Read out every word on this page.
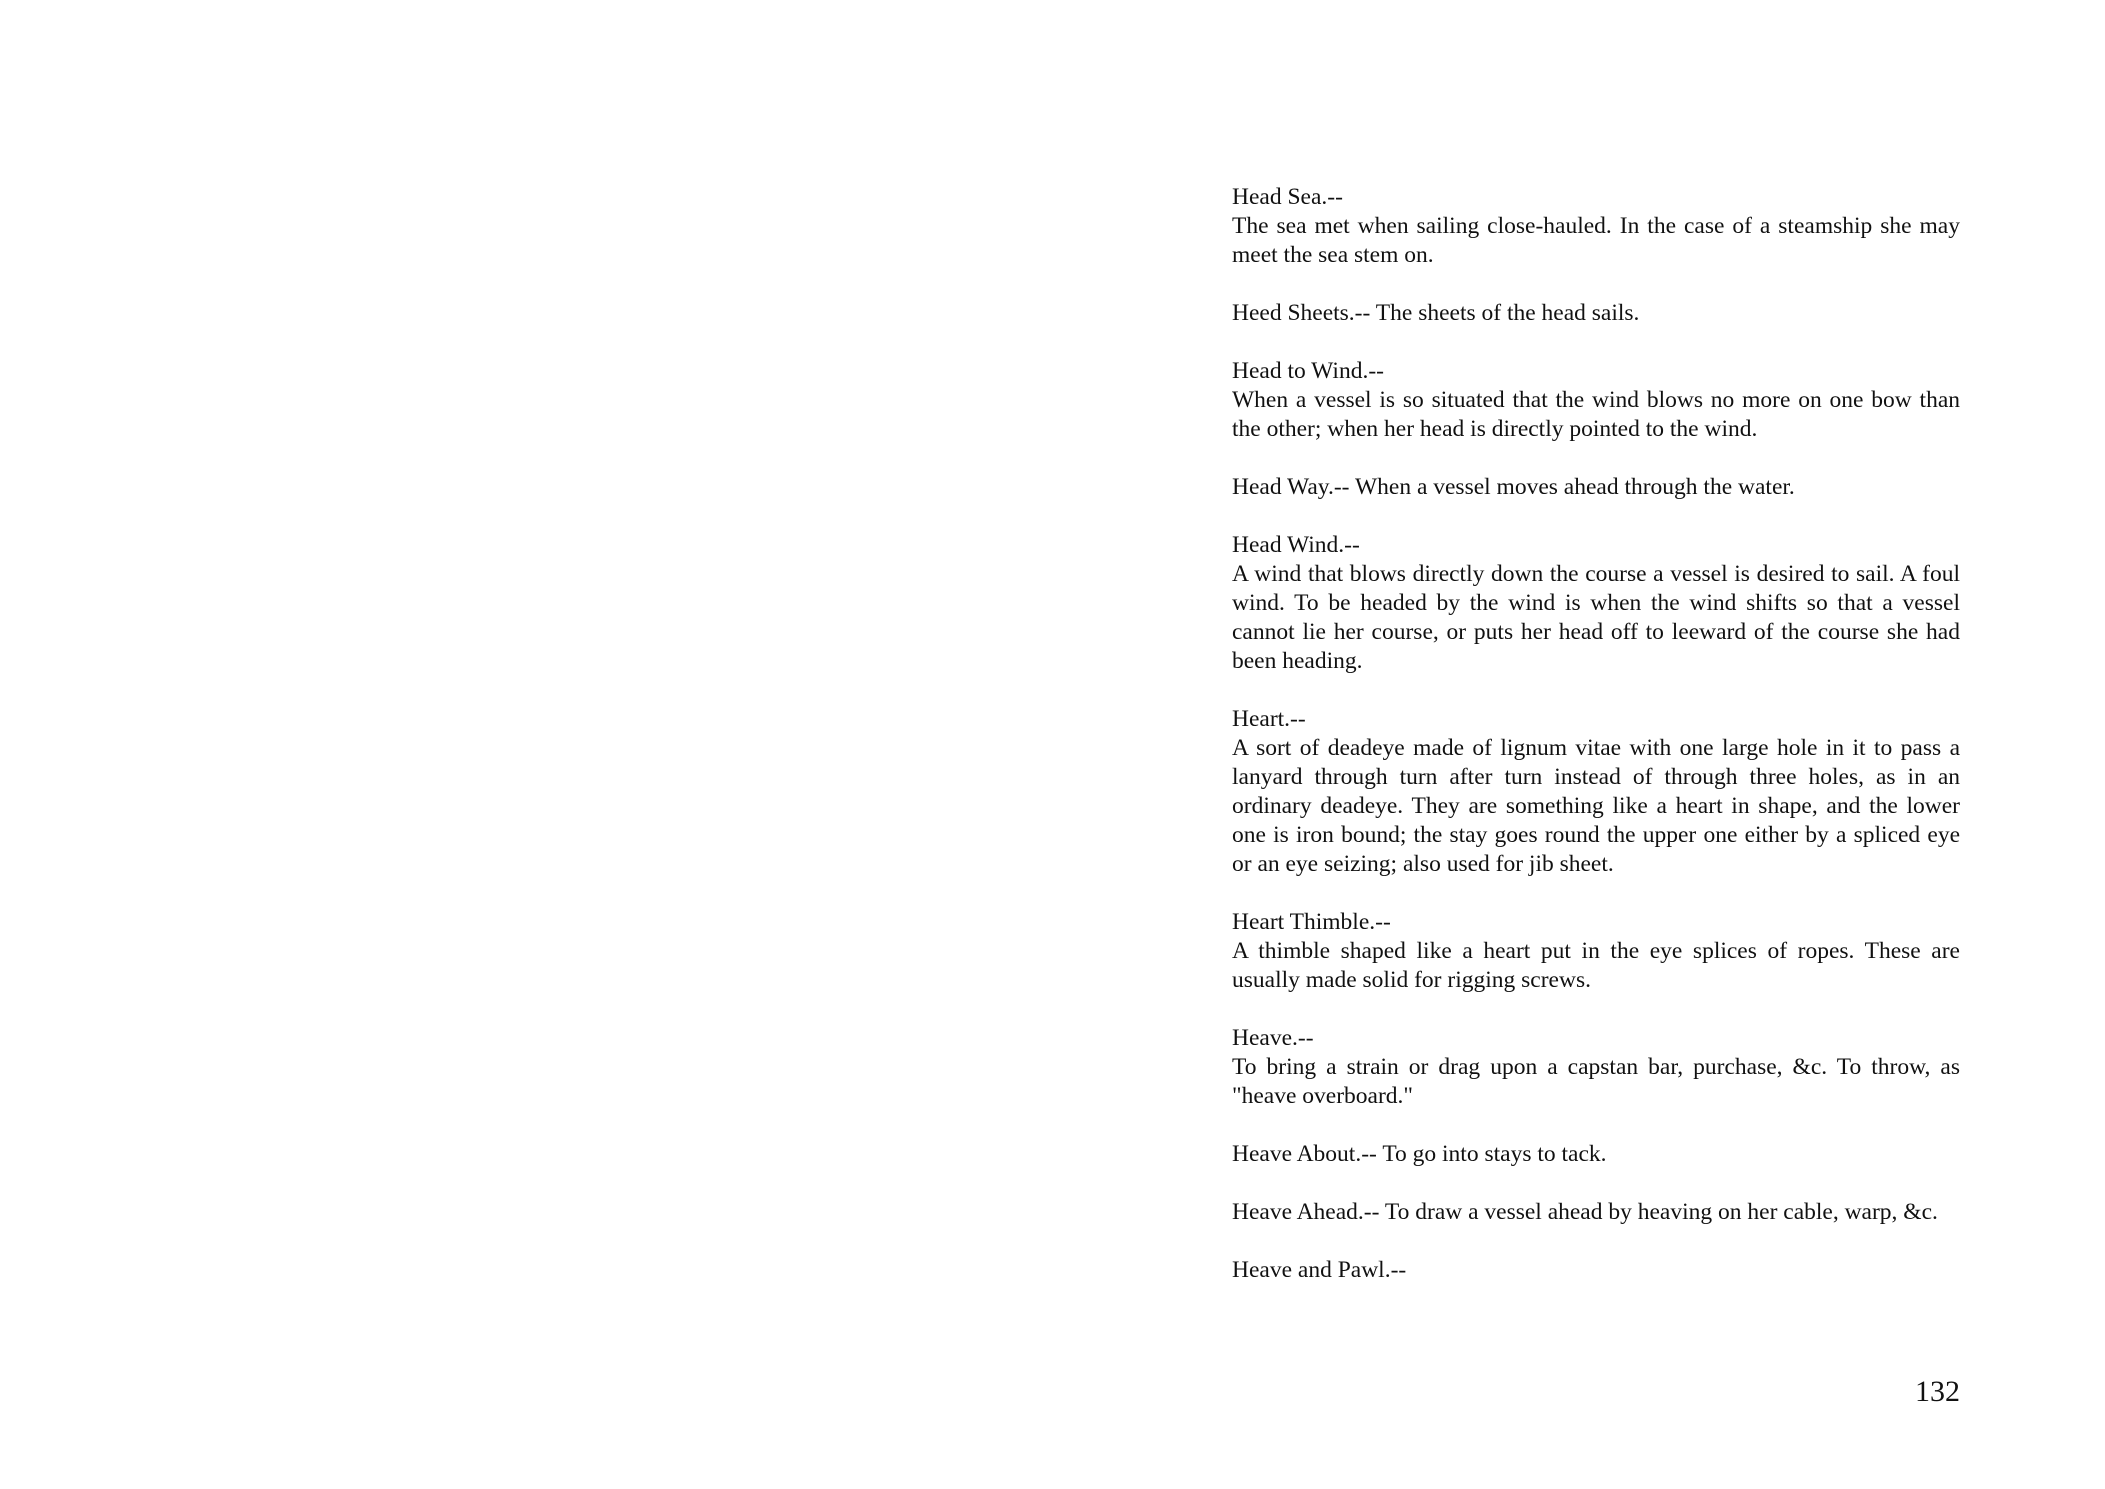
Head Sea.--
The sea met when sailing close-hauled. In the case of a steamship she may meet the sea stem on.
Heed Sheets.-- The sheets of the head sails.
Head to Wind.--
When a vessel is so situated that the wind blows no more on one bow than the other; when her head is directly pointed to the wind.
Head Way.-- When a vessel moves ahead through the water.
Head Wind.--
A wind that blows directly down the course a vessel is desired to sail. A foul wind. To be headed by the wind is when the wind shifts so that a vessel cannot lie her course, or puts her head off to leeward of the course she had been heading.
Heart.--
A sort of deadeye made of lignum vitae with one large hole in it to pass a lanyard through turn after turn instead of through three holes, as in an ordinary deadeye. They are something like a heart in shape, and the lower one is iron bound; the stay goes round the upper one either by a spliced eye or an eye seizing; also used for jib sheet.
Heart Thimble.--
A thimble shaped like a heart put in the eye splices of ropes. These are usually made solid for rigging screws.
Heave.--
To bring a strain or drag upon a capstan bar, purchase, &c. To throw, as "heave overboard."
Heave About.-- To go into stays to tack.
Heave Ahead.-- To draw a vessel ahead by heaving on her cable, warp, &c.
Heave and Pawl.--
132
